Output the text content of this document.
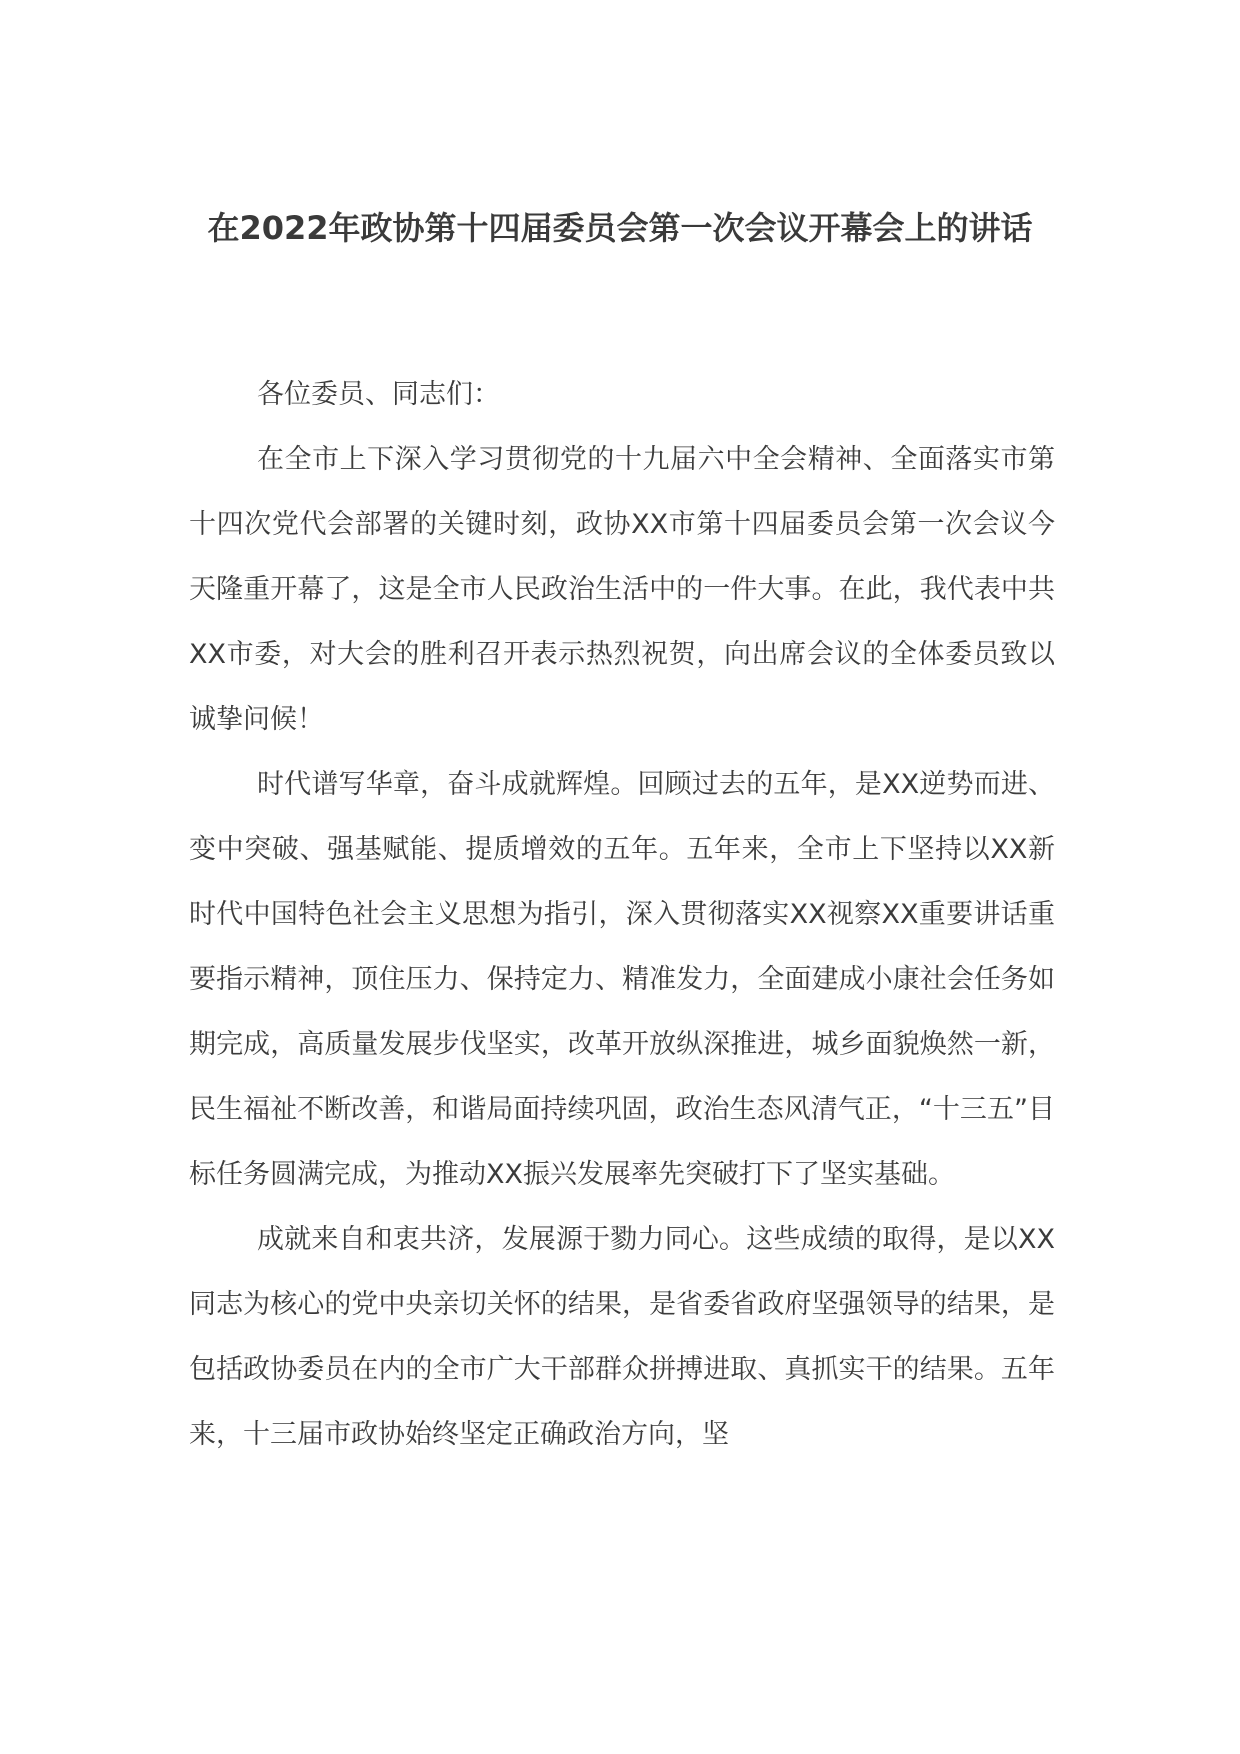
在2022年政协第十四届委员会第一次会议开幕会上的讲话

各位委员、同志们：

在全市上下深入学习贯彻党的十九届六中全会精神、全面落实市第十四次党代会部署的关键时刻，政协XX市第十四届委员会第一次会议今天隆重开幕了，这是全市人民政治生活中的一件大事。在此，我代表中共XX市委，对大会的胜利召开表示热烈祝贺，向出席会议的全体委员致以诚挚问候！

时代谱写华章，奋斗成就辉煌。回顾过去的五年，是XX逆势而进、变中突破、强基赋能、提质增效的五年。五年来，全市上下坚持以XX新时代中国特色社会主义思想为指引，深入贯彻落实XX视察XX重要讲话重要指示精神，顶住压力、保持定力、精准发力，全面建成小康社会任务如期完成，高质量发展步伐坚实，改革开放纵深推进，城乡面貌焕然一新，民生福祉不断改善，和谐局面持续巩固，政治生态风清气正，“十三五”目标任务圆满完成，为推动XX振兴发展率先突破打下了坚实基础。

成就来自和衷共济，发展源于勠力同心。这些成绩的取得，是以XX同志为核心的党中央亲切关怀的结果，是省委省政府坚强领导的结果，是包括政协委员在内的全市广大干部群众拼搏进取、真抓实干的结果。五年来，十三届市政协始终坚定正确政治方向，坚
